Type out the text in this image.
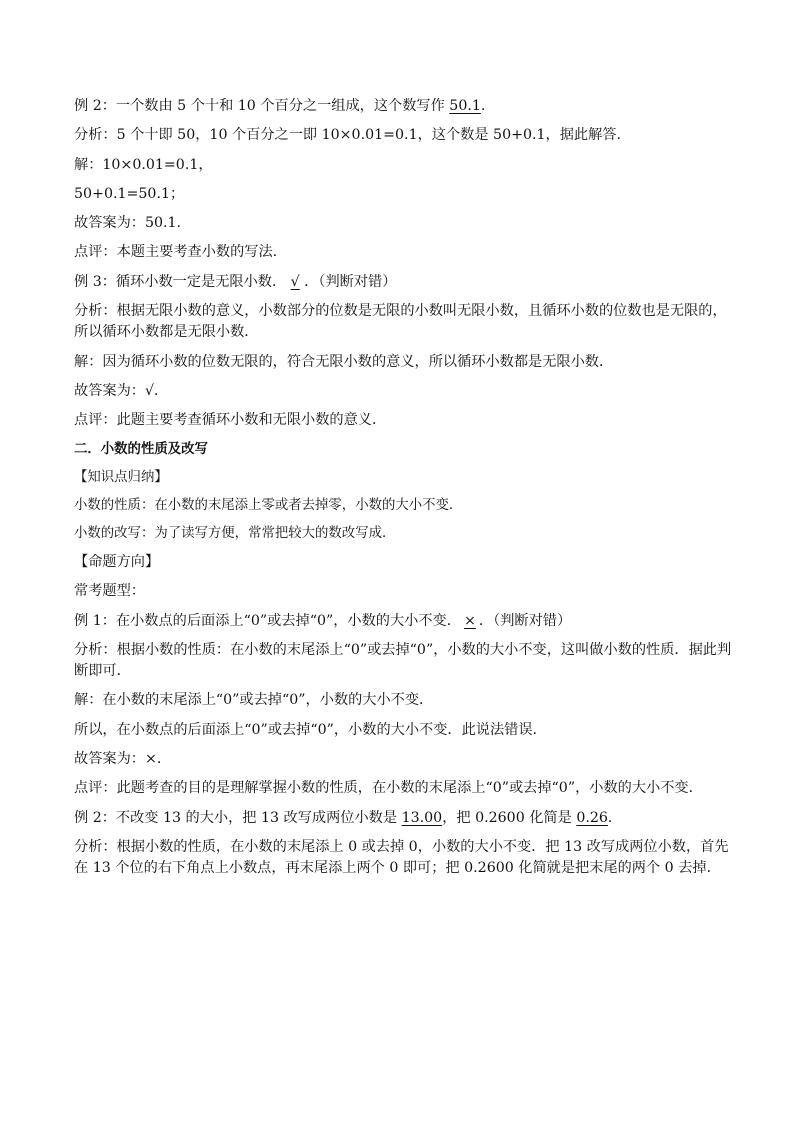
例 2：一个数由 5 个十和 10 个百分之一组成，这个数写作 50.1.

分析：5 个十即 50，10 个百分之一即 10×0.01=0.1，这个数是 50+0.1，据此解答.

解：10×0.01=0.1，

50+0.1=50.1；

故答案为：50.1.

点评：本题主要考查小数的写法.

例 3：循环小数一定是无限小数． √ ．（判断对错）

分析：根据无限小数的意义，小数部分的位数是无限的小数叫无限小数，且循环小数的位数也是无限的，所以循环小数都是无限小数．

解：因为循环小数的位数无限的，符合无限小数的意义，所以循环小数都是无限小数．

故答案为：√．

点评：此题主要考查循环小数和无限小数的意义．

二．小数的性质及改写

【知识点归纳】

小数的性质：在小数的末尾添上零或者去掉零，小数的大小不变．

小数的改写：为了读写方便，常常把较大的数改写成．

【命题方向】

常考题型：

例 1：在小数点的后面添上“0”或去掉“0”，小数的大小不变． × ．（判断对错）

分析：根据小数的性质：在小数的末尾添上“0”或去掉“0”，小数的大小不变，这叫做小数的性质．据此判断即可．

解：在小数的末尾添上“0”或去掉“0”，小数的大小不变．

所以，在小数点的后面添上“0”或去掉“0”，小数的大小不变．此说法错误．

故答案为：×．

点评：此题考查的目的是理解掌握小数的性质，在小数的末尾添上“0”或去掉“0”，小数的大小不变．

例 2：不改变 13 的大小，把 13 改写成两位小数是 13.00，把 0.2600 化简是 0.26．

分析：根据小数的性质，在小数的末尾添上 0 或去掉 0，小数的大小不变．把 13 改写成两位小数，首先在 13 个位的右下角点上小数点，再末尾添上两个 0 即可；把 0.2600 化简就是把末尾的两个 0 去掉．
